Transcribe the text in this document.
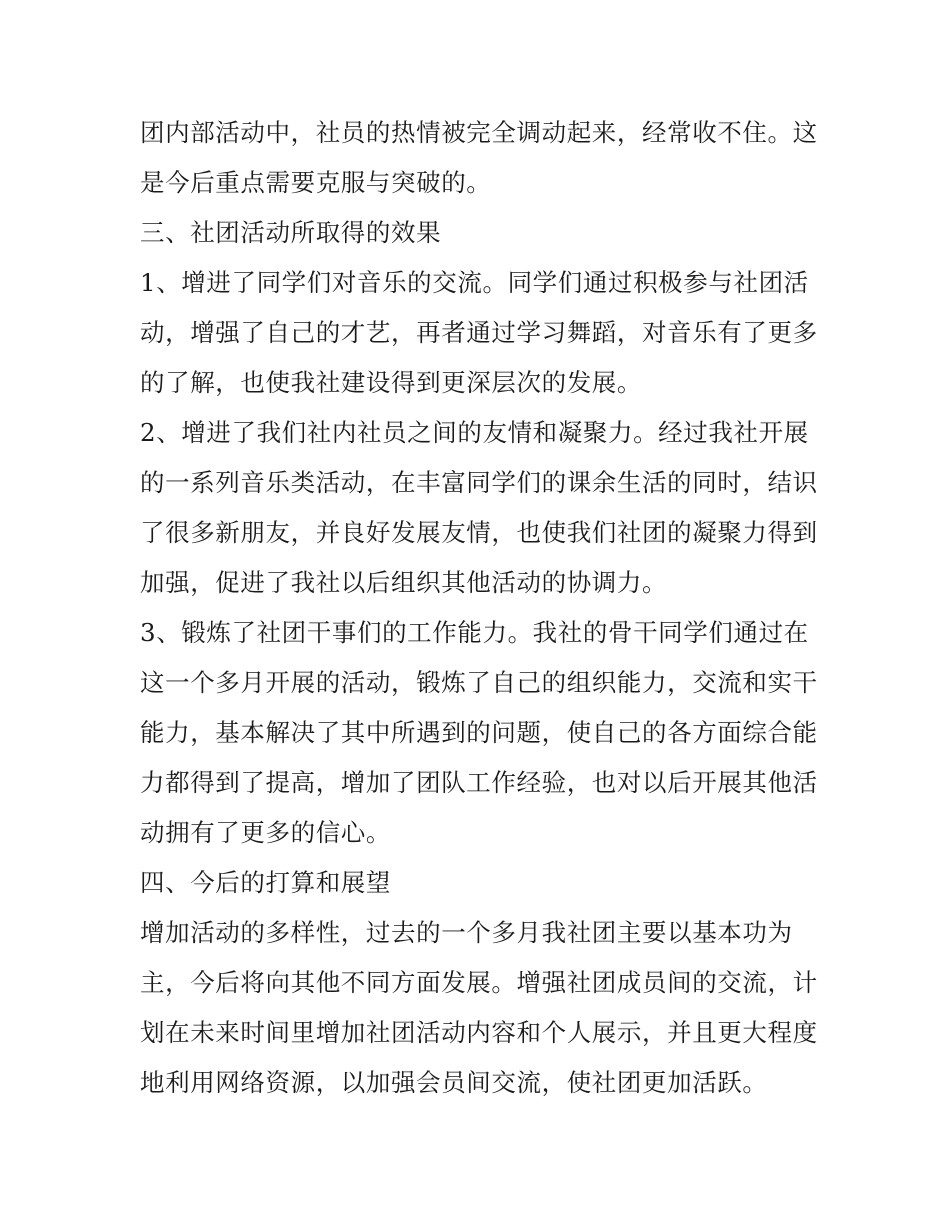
团内部活动中，社员的热情被完全调动起来，经常收不住。这
是今后重点需要克服与突破的。
三、社团活动所取得的效果
1、增进了同学们对音乐的交流。同学们通过积极参与社团活
动，增强了自己的才艺，再者通过学习舞蹈，对音乐有了更多
的了解，也使我社建设得到更深层次的发展。
2、增进了我们社内社员之间的友情和凝聚力。经过我社开展
的一系列音乐类活动，在丰富同学们的课余生活的同时，结识
了很多新朋友，并良好发展友情，也使我们社团的凝聚力得到
加强，促进了我社以后组织其他活动的协调力。
3、锻炼了社团干事们的工作能力。我社的骨干同学们通过在
这一个多月开展的活动，锻炼了自己的组织能力，交流和实干
能力，基本解决了其中所遇到的问题，使自己的各方面综合能
力都得到了提高，增加了团队工作经验，也对以后开展其他活
动拥有了更多的信心。
四、今后的打算和展望
增加活动的多样性，过去的一个多月我社团主要以基本功为
主，今后将向其他不同方面发展。增强社团成员间的交流，计
划在未来时间里增加社团活动内容和个人展示，并且更大程度
地利用网络资源，以加强会员间交流，使社团更加活跃。
